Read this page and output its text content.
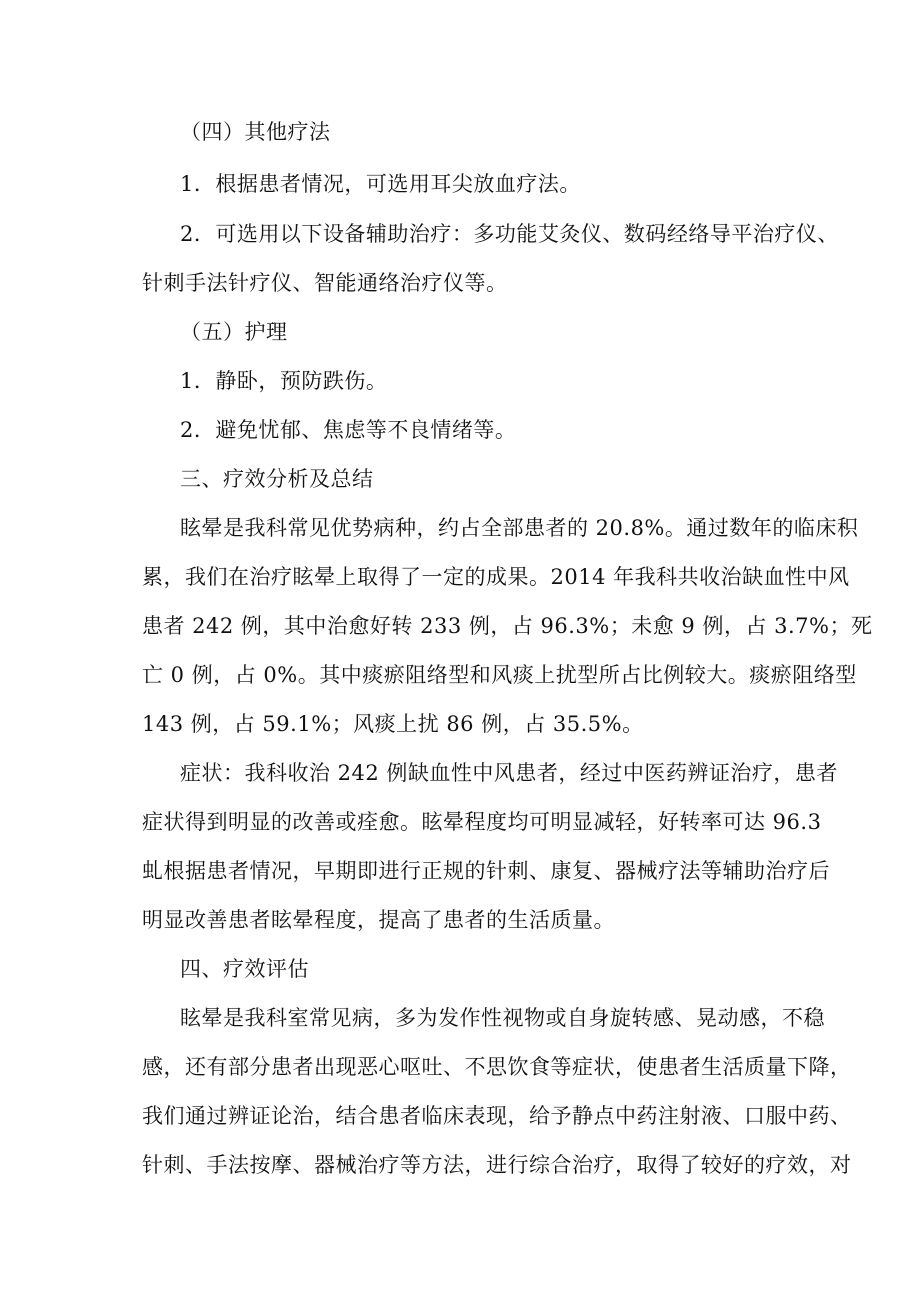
（四）其他疗法
1．根据患者情况，可选用耳尖放血疗法。
2．可选用以下设备辅助治疗：多功能艾灸仪、数码经络导平治疗仪、
针刺手法针疗仪、智能通络治疗仪等。
（五）护理
1．静卧，预防跌伤。
2．避免忧郁、焦虑等不良情绪等。
三、疗效分析及总结
眩晕是我科常见优势病种，约占全部患者的 20.8%。通过数年的临床积
累，我们在治疗眩晕上取得了一定的成果。2014 年我科共收治缺血性中风
患者 242 例，其中治愈好转 233 例，占 96.3%；未愈 9 例，占 3.7%；死
亡 0 例，占 0%。其中痰瘀阻络型和风痰上扰型所占比例较大。痰瘀阻络型
143 例，占 59.1%；风痰上扰 86 例，占 35.5%。
症状：我科收治 242 例缺血性中风患者，经过中医药辨证治疗，患者
症状得到明显的改善或痊愈。眩晕程度均可明显减轻，好转率可达 96.3
虬根据患者情况，早期即进行正规的针刺、康复、器械疗法等辅助治疗后
明显改善患者眩晕程度，提高了患者的生活质量。
四、疗效评估
眩晕是我科室常见病，多为发作性视物或自身旋转感、晃动感，不稳
感，还有部分患者出现恶心呕吐、不思饮食等症状，使患者生活质量下降，
我们通过辨证论治，结合患者临床表现，给予静点中药注射液、口服中药、
针刺、手法按摩、器械治疗等方法，进行综合治疗，取得了较好的疗效，对
